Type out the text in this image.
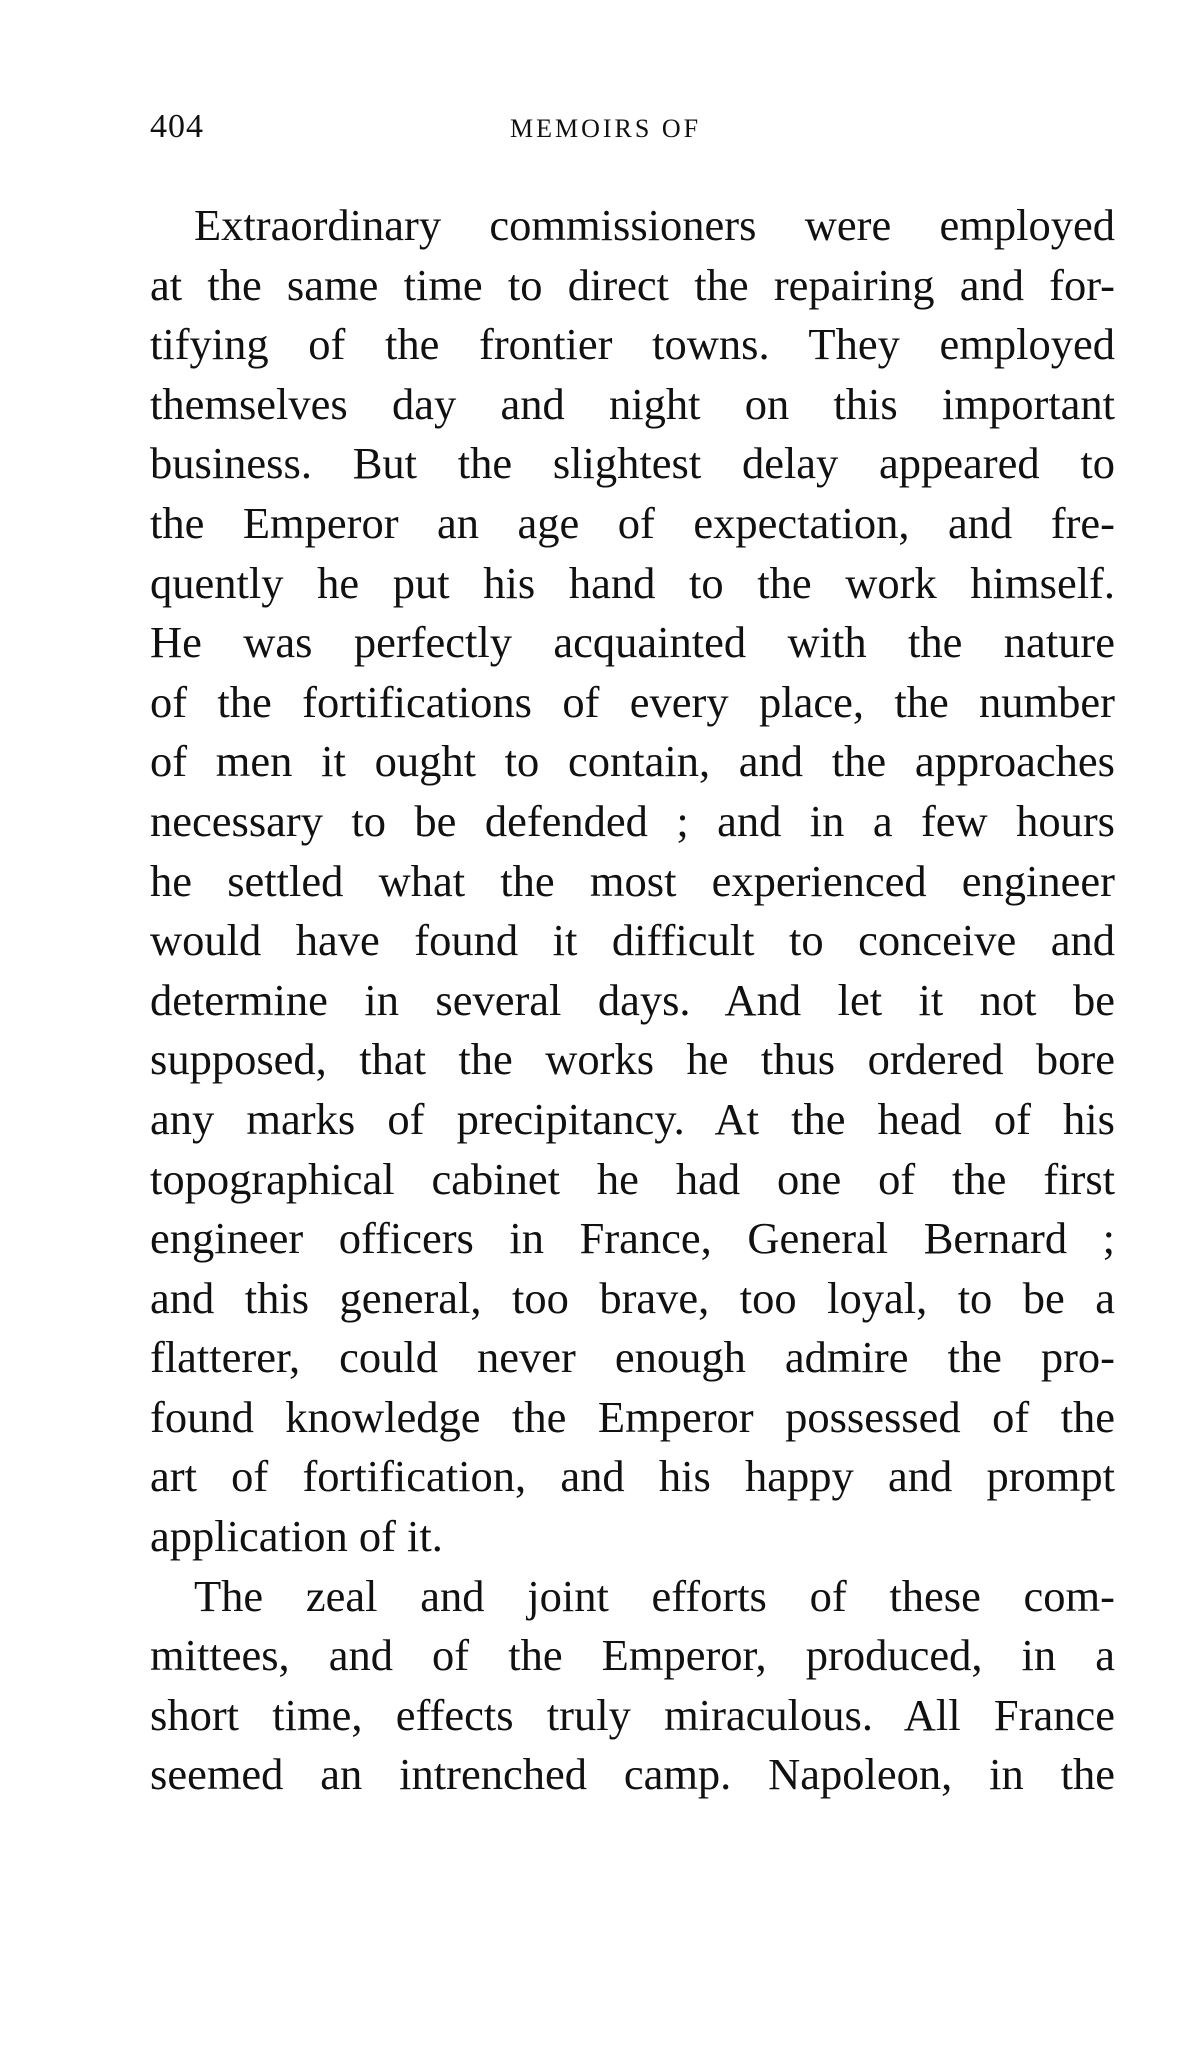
404	MEMOIRS OF
Extraordinary commissioners were employed
at the same time to direct the repairing and for-
tifying of the frontier towns. They employed
themselves day and night on this important
business. But the slightest delay appeared to
the Emperor an age of expectation, and fre-
quently he put his hand to the work himself.
He was perfectly acquainted with the nature
of the fortifications of every place, the number
of men it ought to contain, and the approaches
necessary to be defended ; and in a few hours
he settled what the most experienced engineer
would have found it difficult to conceive and
determine in several days. And let it not be
supposed, that the works he thus ordered bore
any marks of precipitancy. At the head of his
topographical cabinet he had one of the first
engineer officers in France, General Bernard ;
and this general, too brave, too loyal, to be a
flatterer, could never enough admire the pro-
found knowledge the Emperor possessed of the
art of fortification, and his happy and prompt
application of it.
The zeal and joint efforts of these com-
mittees, and of the Emperor, produced, in a
short time, effects truly miraculous. All France
seemed an intrenched camp. Napoleon, in the
